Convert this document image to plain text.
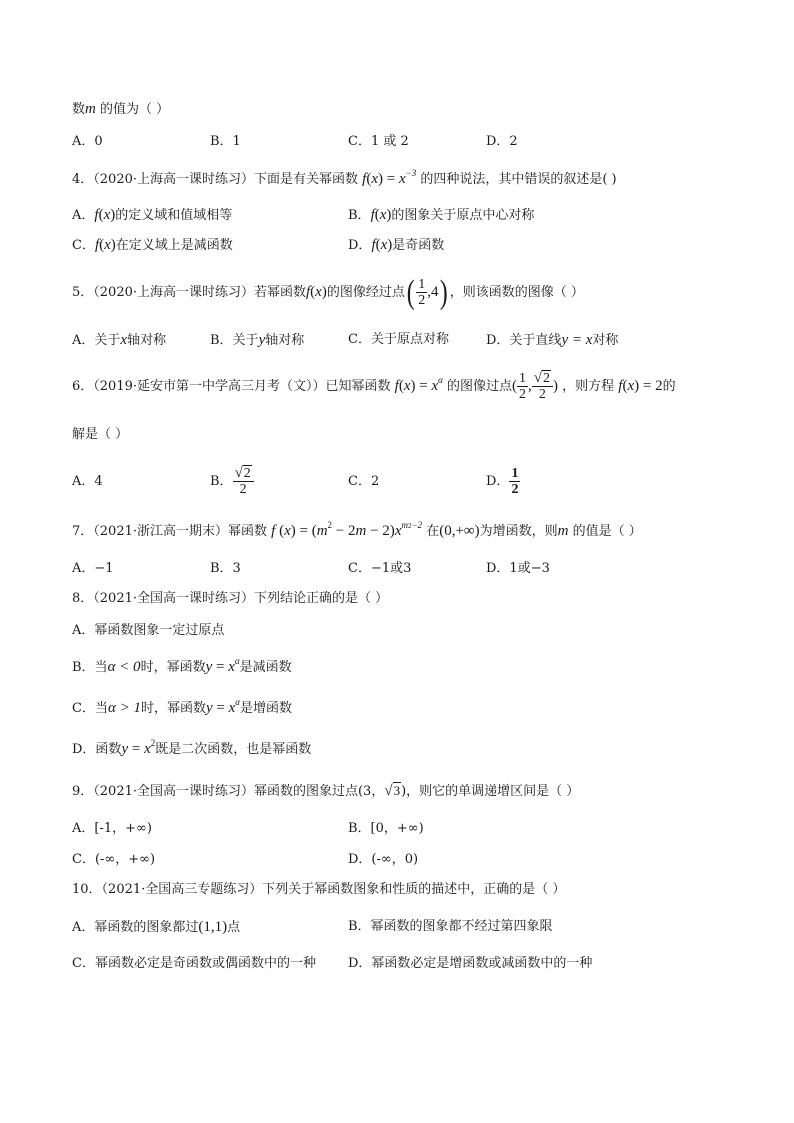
数m 的值为（ ）
A．0	B．1	C．1 或 2	D．2
4．（2020·上海高一课时练习）下面是有关幂函数 $f(x) = x^{-3}$ 的四种说法，其中错误的叙述是( )
A．f(x)的定义域和值域相等	B．f(x)的图象关于原点中心对称
C．f(x)在定义域上是减函数	D．f(x)是奇函数
5．（2020·上海高一课时练习）若幂函数f(x)的图像经过点( $\frac{1}{2} ,4$) ，则该函数的图像（ ）
A．关于x轴对称	B．关于y轴对称	C．关于原点对称	D．关于直线y = x对称
6．（2019·延安市第一中学高三月考（文））已知幂函数 $f(x) = x^\alpha$ 的图像过点( $\frac{1}{2}$ , $\frac{√2}{2}$ ) ，则方程 f(x) = 2的
解是（ ）
A．4	B． $\frac{√2}{2}$	C．2	D． $\frac{1}{2}$
7．（2021·浙江高一期末）幂函数 f $(x) = (m^2 - 2m - 2)x^{m2-2}$ 在(0,+∞)为增函数，则m 的值是（ ）
A．−1	B．3	C．−1或3	D．1或−3
8．（2021·全国高一课时练习）下列结论正确的是（ ）
A．幂函数图象一定过原点
B．当α < 0时，幂函数$y = x^\alpha$是减函数
C．当α > 1时，幂函数$y = x^\alpha$是增函数
D．函数$y = x^2$既是二次函数，也是幂函数
9．（2021·全国高一课时练习）幂函数的图象过点(3，√3)，则它的单调递增区间是（ ）
A．[-1，+∞)	B．[0，+∞)
C．(-∞，+∞)	D．(-∞，0)
10．（2021·全国高三专题练习）下列关于幂函数图象和性质的描述中，正确的是（ ）
A．幂函数的图象都过(1,1)点	B．幂函数的图象都不经过第四象限
C．幂函数必定是奇函数或偶函数中的一种 D．幂函数必定是增函数或减函数中的一种
